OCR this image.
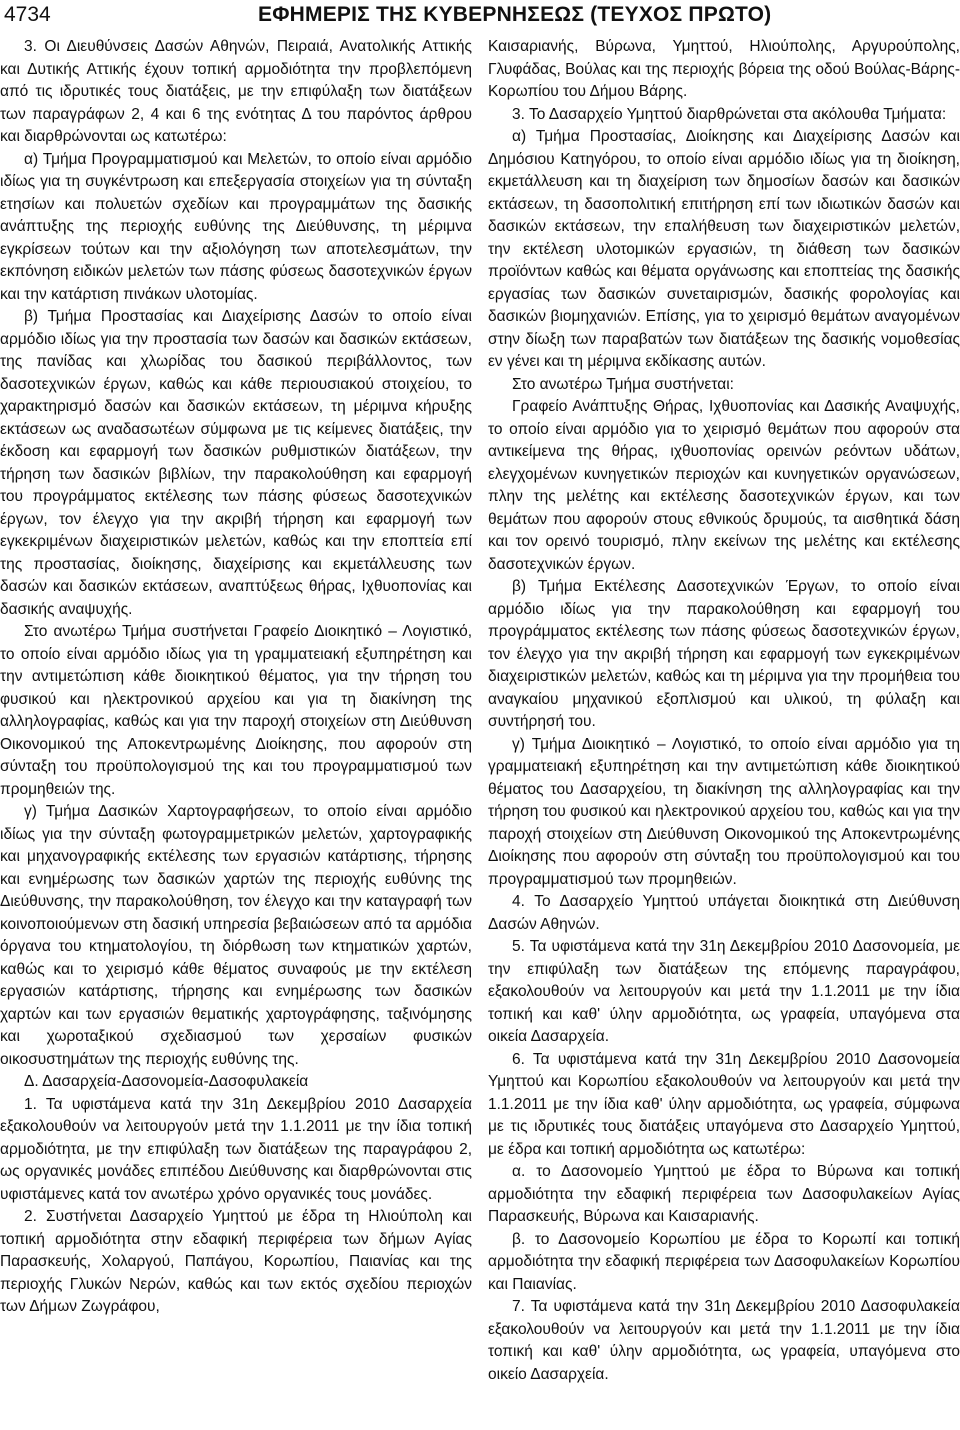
4734	ΕΦΗΜΕΡΙΣ ΤΗΣ ΚΥΒΕΡΝΗΣΕΩΣ (ΤΕΥΧΟΣ ΠΡΩΤΟ)

3. Οι Διευθύνσεις Δασών Αθηνών, Πειραιά, Ανατολικής Αττικής και Δυτικής Αττικής έχουν τοπική αρμοδιότητα την προβλεπόμενη από τις ιδρυτικές τους διατάξεις, με την επιφύλαξη των διατάξεων των παραγράφων 2, 4 και 6 της ενότητας Δ του παρόντος άρθρου και διαρθρώνονται ως κατωτέρω:

α) Τμήμα Προγραμματισμού και Μελετών, το οποίο είναι αρμόδιο ιδίως για τη συγκέντρωση και επεξεργασία στοιχείων για τη σύνταξη ετησίων και πολυετών σχεδίων και προγραμμάτων της δασικής ανάπτυξης της περιοχής ευθύνης της Διεύθυνσης, τη μέριμνα εγκρίσεων τούτων και την αξιολόγηση των αποτελεσμάτων, την εκπόνηση ειδικών μελετών των πάσης φύσεως δασοτεχνικών έργων και την κατάρτιση πινάκων υλοτομίας.

β) Τμήμα Προστασίας και Διαχείρισης Δασών το οποίο είναι αρμόδιο ιδίως για την προστασία των δασών και δασικών εκτάσεων, της πανίδας και χλωρίδας του δασικού περιβάλλοντος, των δασοτεχνικών έργων, καθώς και κάθε περιουσιακού στοιχείου, το χαρακτηρισμό δασών και δασικών εκτάσεων, τη μέριμνα κήρυξης εκτάσεων ως αναδασωτέων σύμφωνα με τις κείμενες διατάξεις, την έκδοση και εφαρμογή των δασικών ρυθμιστικών διατάξεων, την τήρηση των δασικών βιβλίων, την παρακολούθηση και εφαρμογή του προγράμματος εκτέλεσης των πάσης φύσεως δασοτεχνικών έργων, τον έλεγχο για την ακριβή τήρηση και εφαρμογή των εγκεκριμένων διαχειριστικών μελετών, καθώς και την εποπτεία επί της προστασίας, διοίκησης, διαχείρισης και εκμετάλλευσης των δασών και δασικών εκτάσεων, αναπτύξεως θήρας, Ιχθυοπονίας και δασικής αναψυχής.

Στο ανωτέρω Τμήμα συστήνεται Γραφείο Διοικητικό – Λογιστικό, το οποίο είναι αρμόδιο ιδίως για τη γραμματειακή εξυπηρέτηση και την αντιμετώπιση κάθε διοικητικού θέματος, για την τήρηση του φυσικού και ηλεκτρονικού αρχείου και για τη διακίνηση της αλληλογραφίας, καθώς και για την παροχή στοιχείων στη Διεύθυνση Οικονομικού της Αποκεντρωμένης Διοίκησης, που αφορούν στη σύνταξη του προϋπολογισμού της και του προγραμματισμού των προμηθειών της.

γ) Τμήμα Δασικών Χαρτογραφήσεων, το οποίο είναι αρμόδιο ιδίως για την σύνταξη φωτογραμμετρικών μελετών, χαρτογραφικής και μηχανογραφικής εκτέλεσης των εργασιών κατάρτισης, τήρησης και ενημέρωσης των δασικών χαρτών της περιοχής ευθύνης της Διεύθυνσης, την παρακολούθηση, τον έλεγχο και την καταγραφή των κοινοποιούμενων στη δασική υπηρεσία βεβαιώσεων από τα αρμόδια όργανα του κτηματολογίου, τη διόρθωση των κτηματικών χαρτών, καθώς και το χειρισμό κάθε θέματος συναφούς με την εκτέλεση εργασιών κατάρτισης, τήρησης και ενημέρωσης των δασικών χαρτών και των εργασιών θεματικής χαρτογράφησης, ταξινόμησης και χωροταξικού σχεδιασμού των χερσαίων φυσικών οικοσυστημάτων της περιοχής ευθύνης της.

Δ. Δασαρχεία-Δασονομεία-Δασοφυλακεία

1. Τα υφιστάμενα κατά την 31η Δεκεμβρίου 2010 Δασαρχεία εξακολουθούν να λειτουργούν μετά την 1.1.2011 με την ίδια τοπική αρμοδιότητα, με την επιφύλαξη των διατάξεων της παραγράφου 2, ως οργανικές μονάδες επιπέδου Διεύθυνσης και διαρθρώνονται στις υφιστάμενες κατά τον ανωτέρω χρόνο οργανικές τους μονάδες.

2. Συστήνεται Δασαρχείο Υμηττού με έδρα τη Ηλιούπολη και τοπική αρμοδιότητα στην εδαφική περιφέρεια των δήμων Αγίας Παρασκευής, Χολαργού, Παπάγου, Κορωπίου, Παιανίας και της περιοχής Γλυκών Νερών, καθώς και των εκτός σχεδίου περιοχών των Δήμων Ζωγράφου,

Καισαριανής, Βύρωνα, Υμηττού, Ηλιούπολης, Αργυρούπολης, Γλυφάδας, Βούλας και της περιοχής βόρεια της οδού Βούλας-Βάρης-Κορωπίου του Δήμου Βάρης.

3. Το Δασαρχείο Υμηττού διαρθρώνεται στα ακόλουθα Τμήματα:

α) Τμήμα Προστασίας, Διοίκησης και Διαχείρισης Δασών και Δημόσιου Κατηγόρου, το οποίο είναι αρμόδιο ιδίως για τη διοίκηση, εκμετάλλευση και τη διαχείριση των δημοσίων δασών και δασικών εκτάσεων, τη δασοπολιτική επιτήρηση επί των ιδιωτικών δασών και δασικών εκτάσεων, την επαλήθευση των διαχειριστικών μελετών, την εκτέλεση υλοτομικών εργασιών, τη διάθεση των δασικών προϊόντων καθώς και θέματα οργάνωσης και εποπτείας της δασικής εργασίας των δασικών συνεταιρισμών, δασικής φορολογίας και δασικών βιομηχανιών. Επίσης, για το χειρισμό θεμάτων αναγομένων στην δίωξη των παραβατών των διατάξεων της δασικής νομοθεσίας εν γένει και τη μέριμνα εκδίκασης αυτών.

Στο ανωτέρω Τμήμα συστήνεται:

Γραφείο Ανάπτυξης Θήρας, Ιχθυοπονίας και Δασικής Αναψυχής, το οποίο είναι αρμόδιο για το χειρισμό θεμάτων που αφορούν στα αντικείμενα της θήρας, ιχθυοπονίας ορεινών ρεόντων υδάτων, ελεγχομένων κυνηγετικών περιοχών και κυνηγετικών οργανώσεων, πλην της μελέτης και εκτέλεσης δασοτεχνικών έργων, και των θεμάτων που αφορούν στους εθνικούς δρυμούς, τα αισθητικά δάση και τον ορεινό τουρισμό, πλην εκείνων της μελέτης και εκτέλεσης δασοτεχνικών έργων.

β) Τμήμα Εκτέλεσης Δασοτεχνικών Έργων, το οποίο είναι αρμόδιο ιδίως για την παρακολούθηση και εφαρμογή του προγράμματος εκτέλεσης των πάσης φύσεως δασοτεχνικών έργων, τον έλεγχο για την ακριβή τήρηση και εφαρμογή των εγκεκριμένων διαχειριστικών μελετών, καθώς και τη μέριμνα για την προμήθεια του αναγκαίου μηχανικού εξοπλισμού και υλικού, τη φύλαξη και συντήρησή του.

γ) Τμήμα Διοικητικό – Λογιστικό, το οποίο είναι αρμόδιο για τη γραμματειακή εξυπηρέτηση και την αντιμετώπιση κάθε διοικητικού θέματος του Δασαρχείου, τη διακίνηση της αλληλογραφίας και την τήρηση του φυσικού και ηλεκτρονικού αρχείου του, καθώς και για την παροχή στοιχείων στη Διεύθυνση Οικονομικού της Αποκεντρωμένης Διοίκησης που αφορούν στη σύνταξη του προϋπολογισμού και του προγραμματισμού των προμηθειών.

4. Το Δασαρχείο Υμηττού υπάγεται διοικητικά στη Διεύθυνση Δασών Αθηνών.

5. Τα υφιστάμενα κατά την 31η Δεκεμβρίου 2010 Δασονομεία, με την επιφύλαξη των διατάξεων της επόμενης παραγράφου, εξακολουθούν να λειτουργούν και μετά την 1.1.2011 με την ίδια τοπική και καθ' ύλην αρμοδιότητα, ως γραφεία, υπαγόμενα στα οικεία Δασαρχεία.

6. Τα υφιστάμενα κατά την 31η Δεκεμβρίου 2010 Δασονομεία Υμηττού και Κορωπίου εξακολουθούν να λειτουργούν και μετά την 1.1.2011 με την ίδια καθ' ύλην αρμοδιότητα, ως γραφεία, σύμφωνα με τις ιδρυτικές τους διατάξεις υπαγόμενα στο Δασαρχείο Υμηττού, με έδρα και τοπική αρμοδιότητα ως κατωτέρω:

α. το Δασονομείο Υμηττού με έδρα το Βύρωνα και τοπική αρμοδιότητα την εδαφική περιφέρεια των Δασοφυλακείων Αγίας Παρασκευής, Βύρωνα και Καισαριανής.

β. το Δασονομείο Κορωπίου με έδρα το Κορωπί και τοπική αρμοδιότητα την εδαφική περιφέρεια των Δασοφυλακείων Κορωπίου και Παιανίας.

7. Τα υφιστάμενα κατά την 31η Δεκεμβρίου 2010 Δασοφυλακεία εξακολουθούν να λειτουργούν και μετά την 1.1.2011 με την ίδια τοπική και καθ' ύλην αρμοδιότητα, ως γραφεία, υπαγόμενα στο οικείο Δασαρχεία.
